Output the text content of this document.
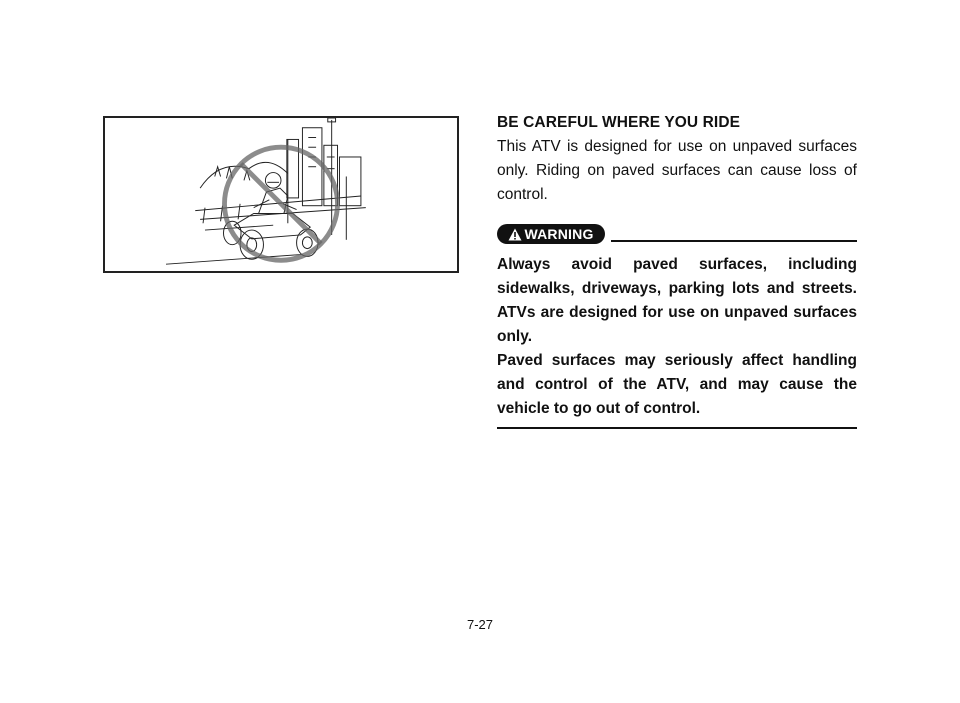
BE CAREFUL WHERE YOU RIDE

This ATV is designed for use on unpaved surfaces only. Riding on paved surfaces can cause loss of control.

WARNING

Always avoid paved surfaces, including sidewalks, driveways, parking lots and streets. ATVs are designed for use on unpaved surfaces only.

Paved surfaces may seriously affect handling and control of the ATV, and may cause the vehicle to go out of control.

7-27
